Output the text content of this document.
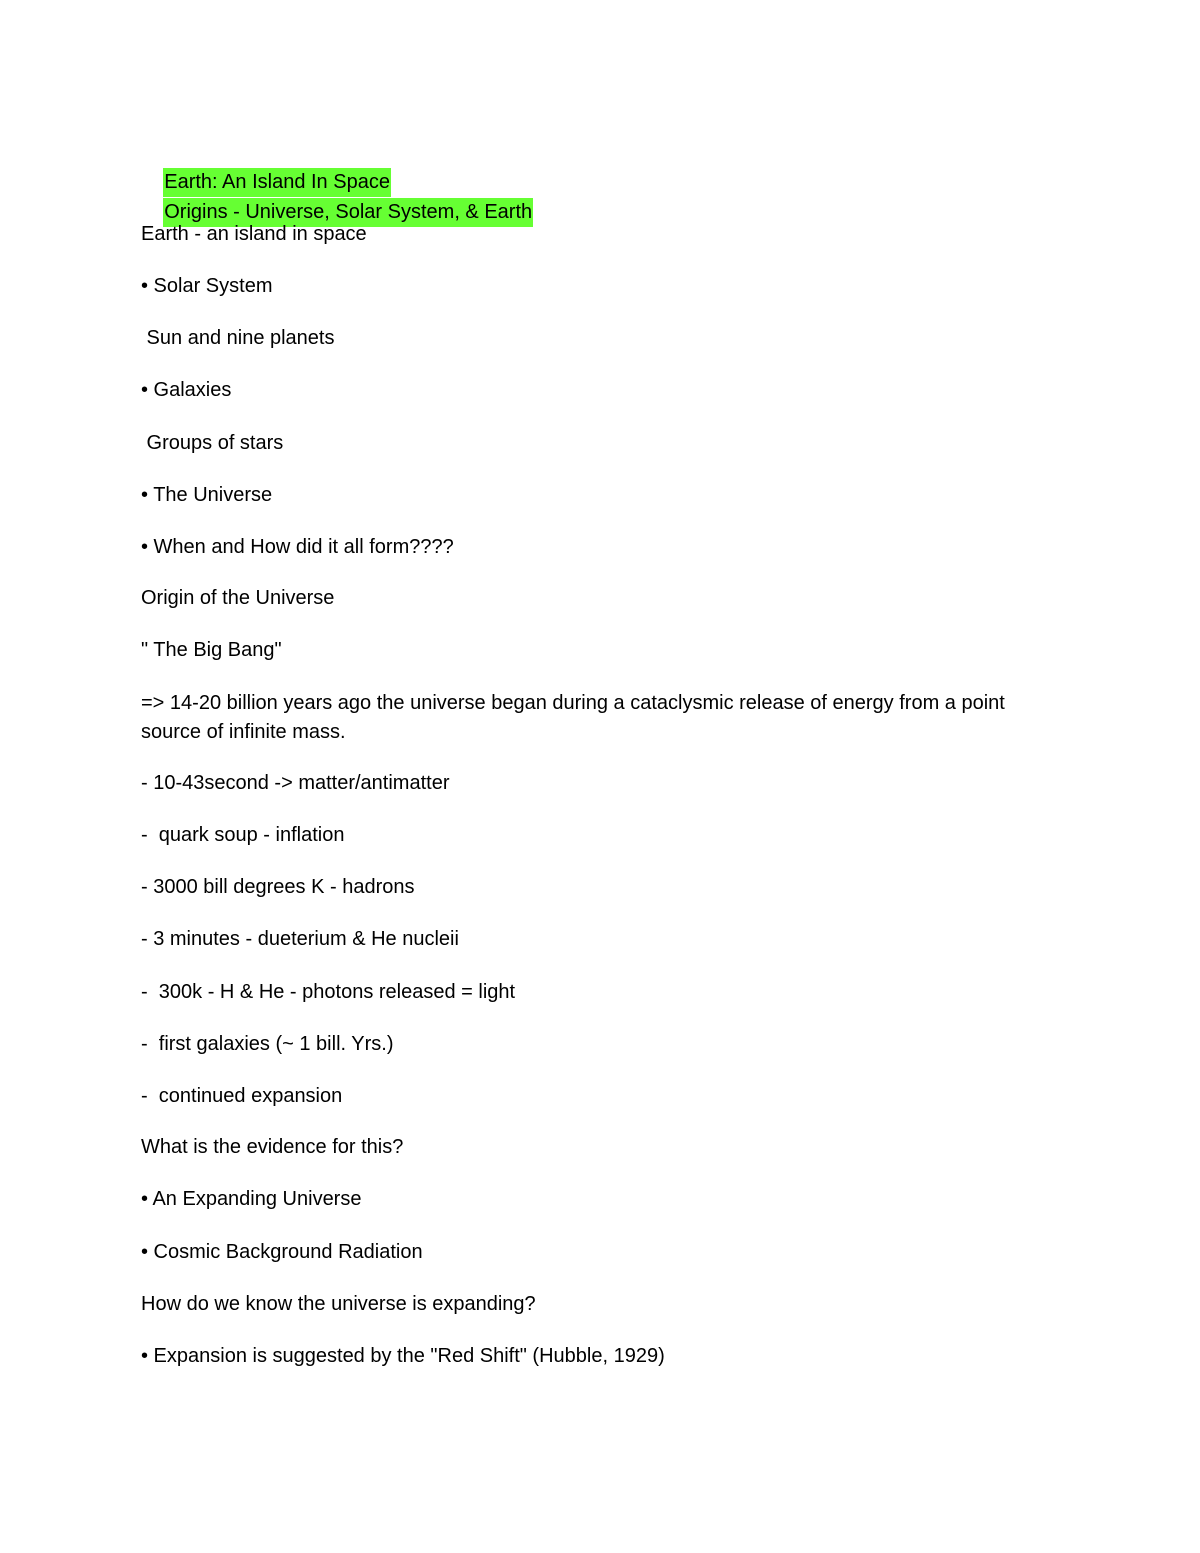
Earth: An Island In Space

Origins - Universe, Solar System, & Earth

Earth - an island in space
• Solar System
Sun and nine planets
• Galaxies
Groups of stars
• The Universe
• When and How did it all form????
Origin of the Universe
" The Big Bang"
=> 14-20 billion years ago the universe began during a cataclysmic release of energy from a point source of infinite mass.
- 10-43second -> matter/antimatter
-  quark soup - inflation
- 3000 bill degrees K - hadrons
- 3 minutes - dueterium & He nucleii
-  300k - H & He - photons released = light
-  first galaxies (~ 1 bill. Yrs.)
-  continued expansion
What is the evidence for this?
• An Expanding Universe
• Cosmic Background Radiation
How do we know the universe is expanding?
• Expansion is suggested by the "Red Shift" (Hubble, 1929)
